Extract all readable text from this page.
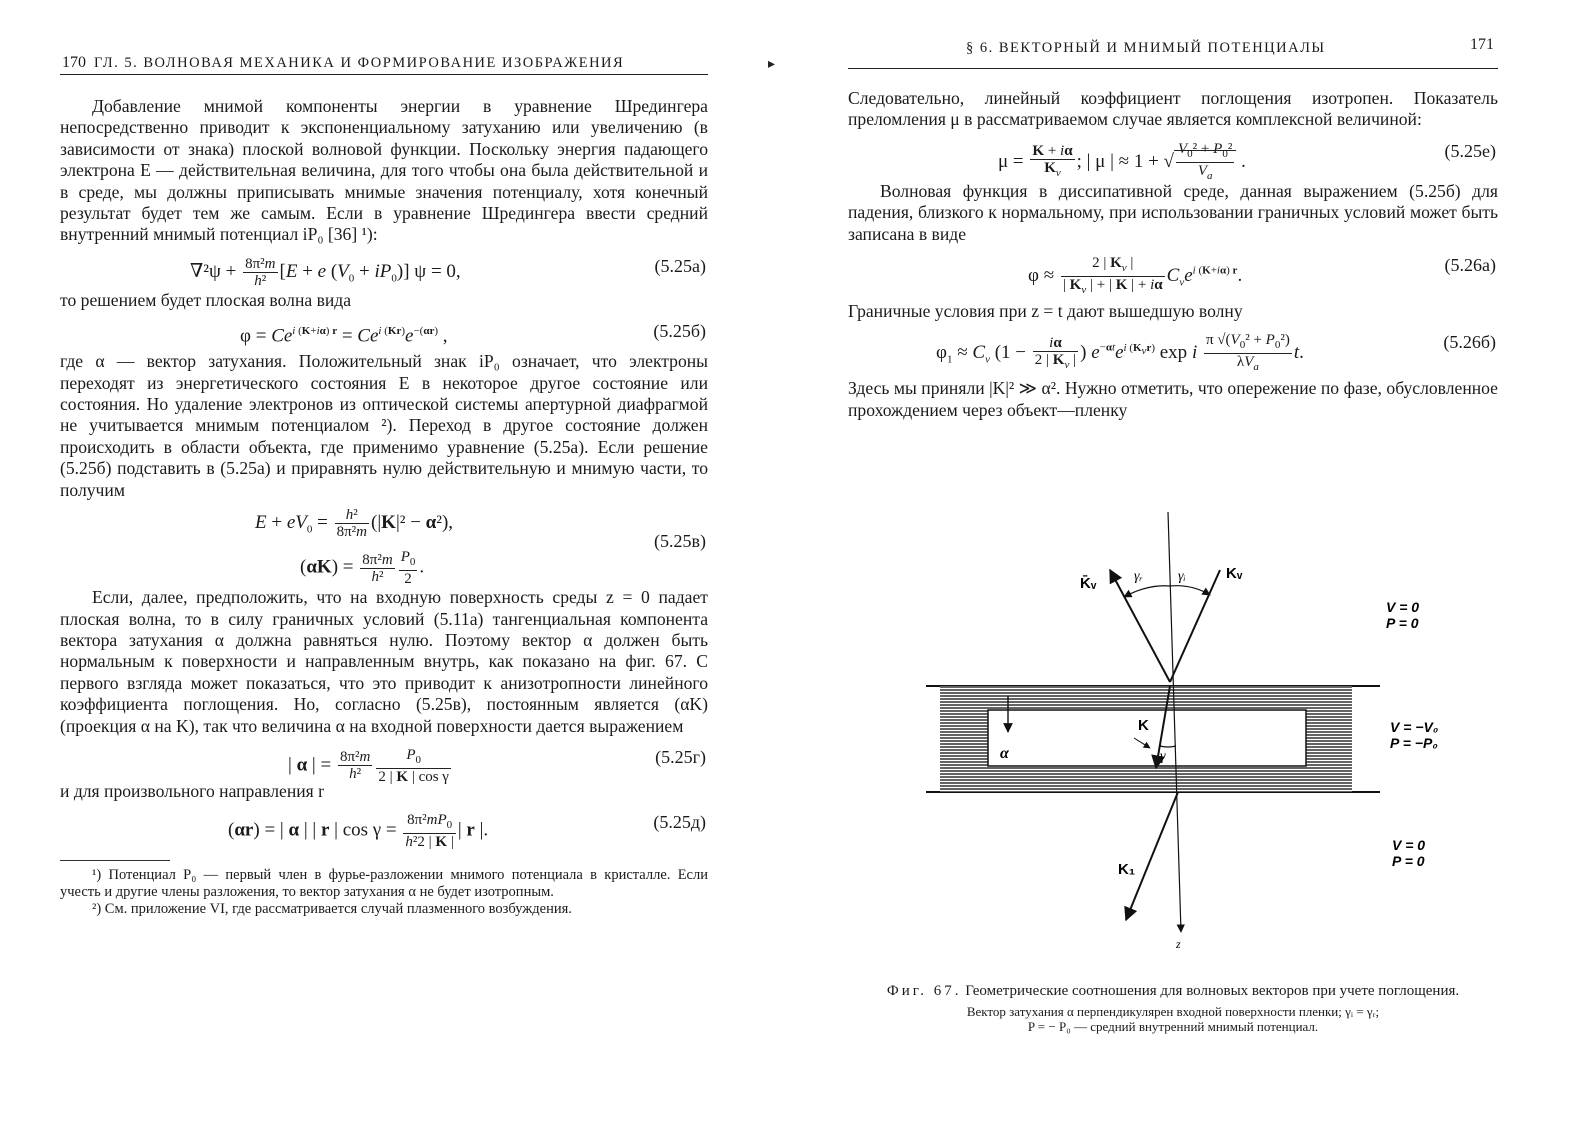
170 ГЛ. 5. ВОЛНОВАЯ МЕХАНИКА И ФОРМИРОВАНИЕ ИЗОБРАЖЕНИЯ

Добавление мнимой компоненты энергии в уравнение Шредингера непосредственно приводит к экспоненциальному затуханию или увеличению (в зависимости от знака) плоской волновой функции. Поскольку энергия падающего электрона E — действительная величина, для того чтобы она была действительной и в среде, мы должны приписывать мнимые значения потенциалу, хотя конечный результат будет тем же самым. Если в уравнение Шредингера ввести средний внутренний мнимый потенциал iP₀ [36] ¹):

$\nabla^2\psi + \frac{\text{8π²m}}{\text{h²}} [E + e$ $(V_0 + iP_0)$] ψ = 0,	(5.25а)

то решением будет плоская волна вида

$\varphi = Ce^{i (K+i\alpha) r} = Ce^{i (Kr)}e^{-(\alpha r)}$ ,	(5.25б)

где α — вектор затухания. Положительный знак iP₀ означает, что электроны переходят из энергетического состояния E в некоторое другое состояние или состояния. Но удаление электронов из оптической системы апертурной диафрагмой не учитывается мнимым потенциалом ²). Переход в другое состояние должен происходить в области объекта, где применимо уравнение (5.25а). Если решение (5.25б) подставить в (5.25а) и приравнять нулю действительную и мнимую части, то получим

$E + eV_0 = \frac{\text{h²}}{\text{8π²m}} (|K|^2 - \alpha^2)$,
$(\alpha K) = \frac{\text{8π²m}}{\text{h²}} \frac{P_0}{2}$ .
(5.25в)

Если, далее, предположить, что на входную поверхность среды z = 0 падает плоская волна, то в силу граничных условий (5.11а) тангенциальная компонента вектора затухания α должна равняться нулю. Поэтому вектор α должен быть нормальным к поверхности и направленным внутрь, как показано на фиг. 67. С первого взгляда может показаться, что это приводит к анизотропности линейного коэффициента поглощения. Но, согласно (5.25в), постоянным является (αK) (проекция α на K), так что величина α на входной поверхности дается выражением

| α | = $\frac{\text{8π²m}}{\text{h²}} \frac{P_0}{\text{2 | K | cos γ}}$	(5.25г)

и для произвольного направления r

(αr) = | α | | r | $\cos \gamma = \frac{8\pi^2mP_0}{\text{h²2 | K |}}$ | r |.	(5.25д)

¹) Потенциал P₀ — первый член в фурье-разложении мнимого потенциала в кристалле. Если учесть и другие члены разложения, то вектор затухания α не будет изотропным.

²) См. приложение VI, где рассматривается случай плазменного возбуждения.

▸
§ 6. ВЕКТОРНЫЙ И МНИМЫЙ ПОТЕНЦИАЛЫ	171

Следовательно, линейный коэффициент поглощения изотропен. Показатель преломления μ в рассматриваемом случае является комплексной величиной:

$\mu = \frac{K + i\alpha}{K_v}$ ; | μ | ≈ 1 + √ $\frac{V_0^2 + P_0^2}{V_a}$ .	(5.25е)

Волновая функция в диссипативной среде, данная выражением (5.25б) для падения, близкого к нормальному, при использовании граничных условий может быть записана в виде

$\varphi \approx \frac{2 | K_v |}{| K_v | + | K | + i\alpha} C_ve^{i (K+i\alpha) r}$.	(5.26а)

Граничные условия при z = t дают вышедшую волну

$\varphi_1 \approx C_v$ ($1 - \frac{i\alpha}{2 | K_v |}$ ) $e^{-\alpha t}e^{i (K_vr)}$ exp i $\frac{\pi √(V_0^2 + P_0^2)}{\lambda V_a} t$.	(5.26б)

Здесь мы приняли |K|² ≫ α². Нужно отметить, что опережение по фазе, обусловленное прохождением через объект—пленку

K̄ᵥ	γᵣ	γᵢ	Kᵥ
K
γ
α
K₁
z
V = 0
P = 0
V = −V₀
P = −P₀
V = 0
P = 0
Фиг. 67. Геометрические соотношения для волновых векторов при учете поглощения.
Вектор затухания α перпендикулярен входной поверхности пленки; γᵢ = γᵣ;
P = − P₀ — средний внутренний мнимый потенциал.
